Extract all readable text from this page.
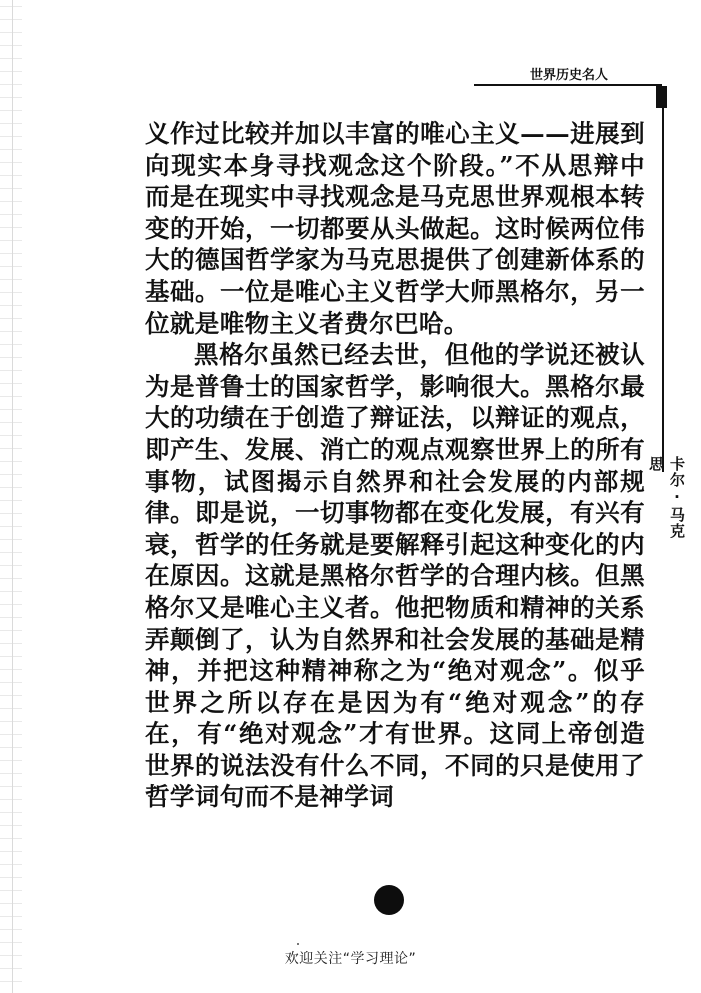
世界历史名人
卡尔·马克思

义作过比较并加以丰富的唯心主义——进展到向现实本身寻找观念这个阶段。”不从思辩中而是在现实中寻找观念是马克思世界观根本转变的开始，一切都要从头做起。这时候两位伟大的德国哲学家为马克思提供了创建新体系的基础。一位是唯心主义哲学大师黑格尔，另一位就是唯物主义者费尔巴哈。

黑格尔虽然已经去世，但他的学说还被认为是普鲁士的国家哲学，影响很大。黑格尔最大的功绩在于创造了辩证法，以辩证的观点，即产生、发展、消亡的观点观察世界上的所有事物，试图揭示自然界和社会发展的内部规律。即是说，一切事物都在变化发展，有兴有衰，哲学的任务就是要解释引起这种变化的内在原因。这就是黑格尔哲学的合理内核。但黑格尔又是唯心主义者。他把物质和精神的关系弄颠倒了，认为自然界和社会发展的基础是精神，并把这种精神称之为“绝对观念”。似乎世界之所以存在是因为有“绝对观念”的存在，有“绝对观念”才有世界。这同上帝创造世界的说法没有什么不同，不同的只是使用了哲学词句而不是神学词

欢迎关注“学习理论”
